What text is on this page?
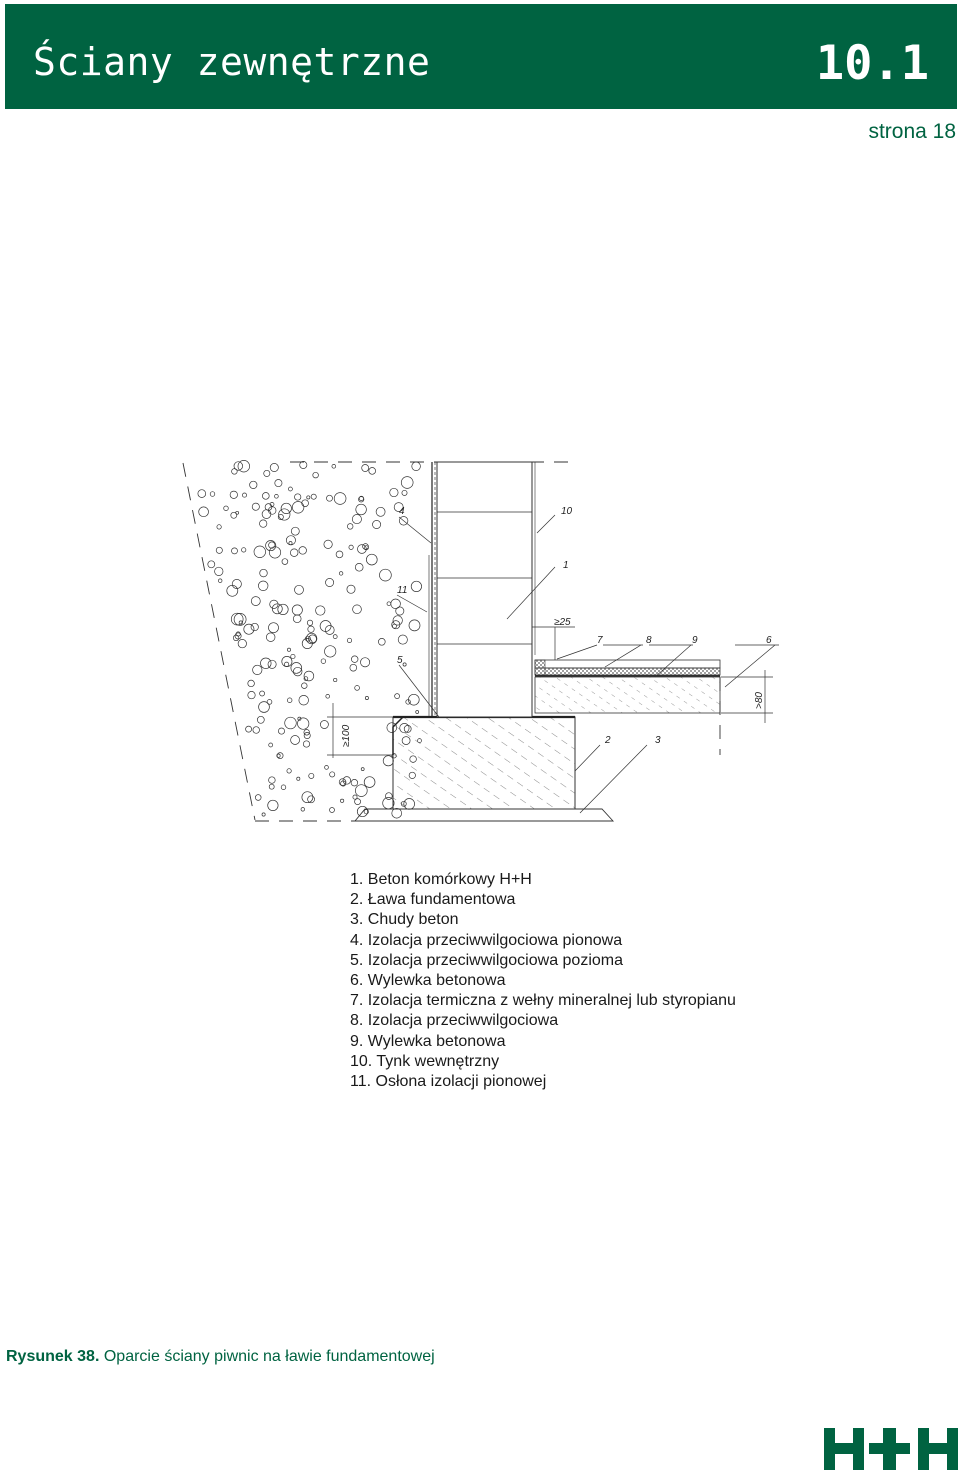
Ściany zewnętrzne	10.1
strona 18
4
11
5
10
1
7	8	9	6
2	3
≥25
≥100
>80
1. Beton komórkowy H+H
2. Ława fundamentowa
3. Chudy beton
4. Izolacja przeciwwilgociowa pionowa
5. Izolacja przeciwwilgociowa pozioma
6. Wylewka betonowa
7. Izolacja termiczna z wełny mineralnej lub styropianu
8. Izolacja przeciwwilgociowa
9. Wylewka betonowa
10. Tynk wewnętrzny
11. Osłona izolacji pionowej
Rysunek 38. Oparcie ściany piwnic na ławie fundamentowej
